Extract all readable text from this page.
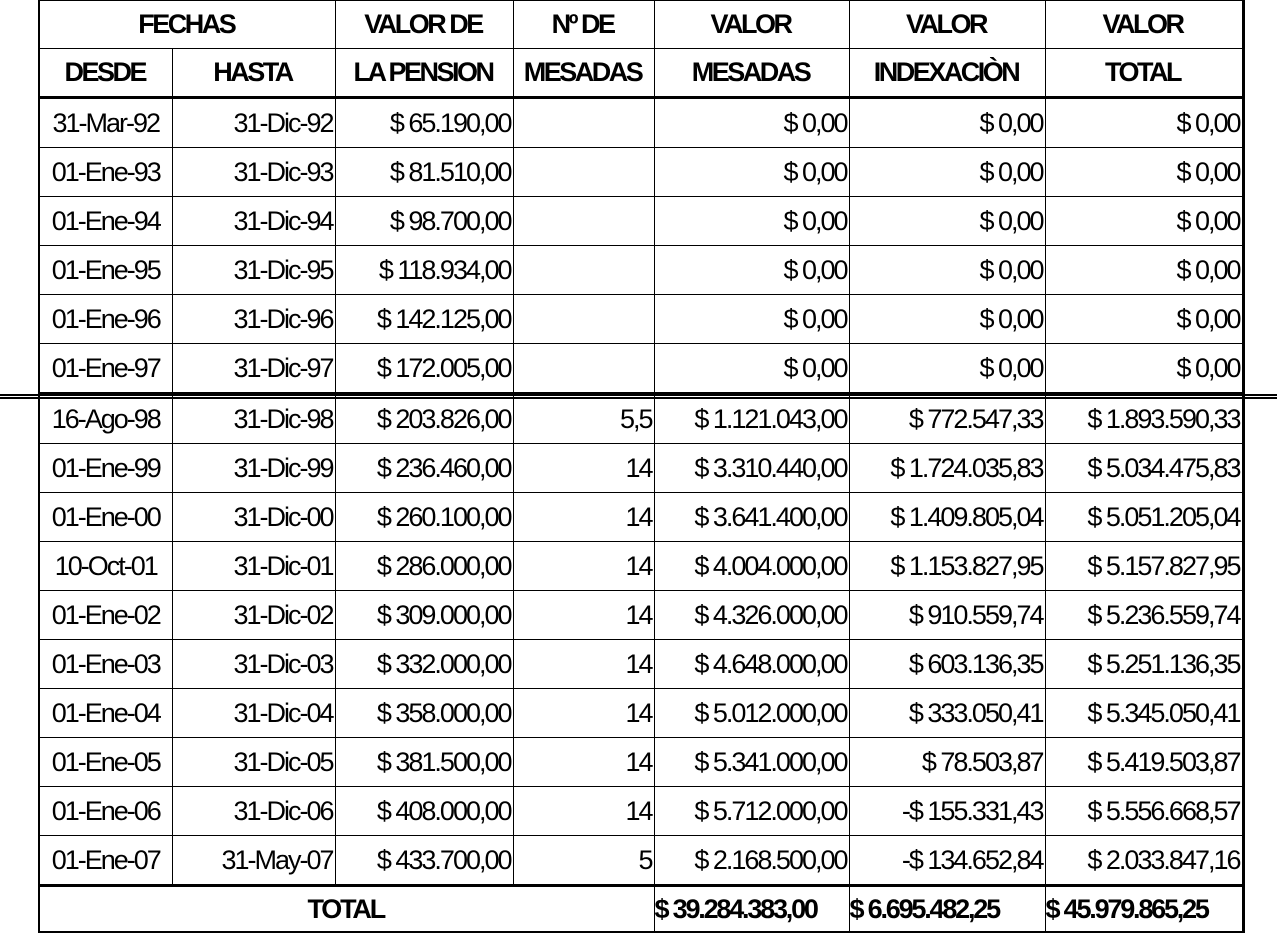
FECHAS		VALOR DE	Nº DE	VALOR	VALOR	VALOR
DESDE	HASTA	LA PENSION	MESADAS	MESADAS	INDEXACIÒN	TOTAL
31-Mar-92	31-Dic-92	$ 65.190,00		$ 0,00	$ 0,00	$ 0,00
01-Ene-93	31-Dic-93	$ 81.510,00		$ 0,00	$ 0,00	$ 0,00
01-Ene-94	31-Dic-94	$ 98.700,00		$ 0,00	$ 0,00	$ 0,00
01-Ene-95	31-Dic-95	$ 118.934,00		$ 0,00	$ 0,00	$ 0,00
01-Ene-96	31-Dic-96	$ 142.125,00		$ 0,00	$ 0,00	$ 0,00
01-Ene-97	31-Dic-97	$ 172.005,00		$ 0,00	$ 0,00	$ 0,00
16-Ago-98	31-Dic-98	$ 203.826,00	5,5	$ 1.121.043,00	$ 772.547,33	$ 1.893.590,33
01-Ene-99	31-Dic-99	$ 236.460,00	14	$ 3.310.440,00	$ 1.724.035,83	$ 5.034.475,83
01-Ene-00	31-Dic-00	$ 260.100,00	14	$ 3.641.400,00	$ 1.409.805,04	$ 5.051.205,04
10-Oct-01	31-Dic-01	$ 286.000,00	14	$ 4.004.000,00	$ 1.153.827,95	$ 5.157.827,95
01-Ene-02	31-Dic-02	$ 309.000,00	14	$ 4.326.000,00	$ 910.559,74	$ 5.236.559,74
01-Ene-03	31-Dic-03	$ 332.000,00	14	$ 4.648.000,00	$ 603.136,35	$ 5.251.136,35
01-Ene-04	31-Dic-04	$ 358.000,00	14	$ 5.012.000,00	$ 333.050,41	$ 5.345.050,41
01-Ene-05	31-Dic-05	$ 381.500,00	14	$ 5.341.000,00	$ 78.503,87	$ 5.419.503,87
01-Ene-06	31-Dic-06	$ 408.000,00	14	$ 5.712.000,00	-$ 155.331,43	$ 5.556.668,57
01-Ene-07	31-May-07	$ 433.700,00	5	$ 2.168.500,00	-$ 134.652,84	$ 2.033.847,16
TOTAL				$ 39.284.383,00	$ 6.695.482,25	$ 45.979.865,25
